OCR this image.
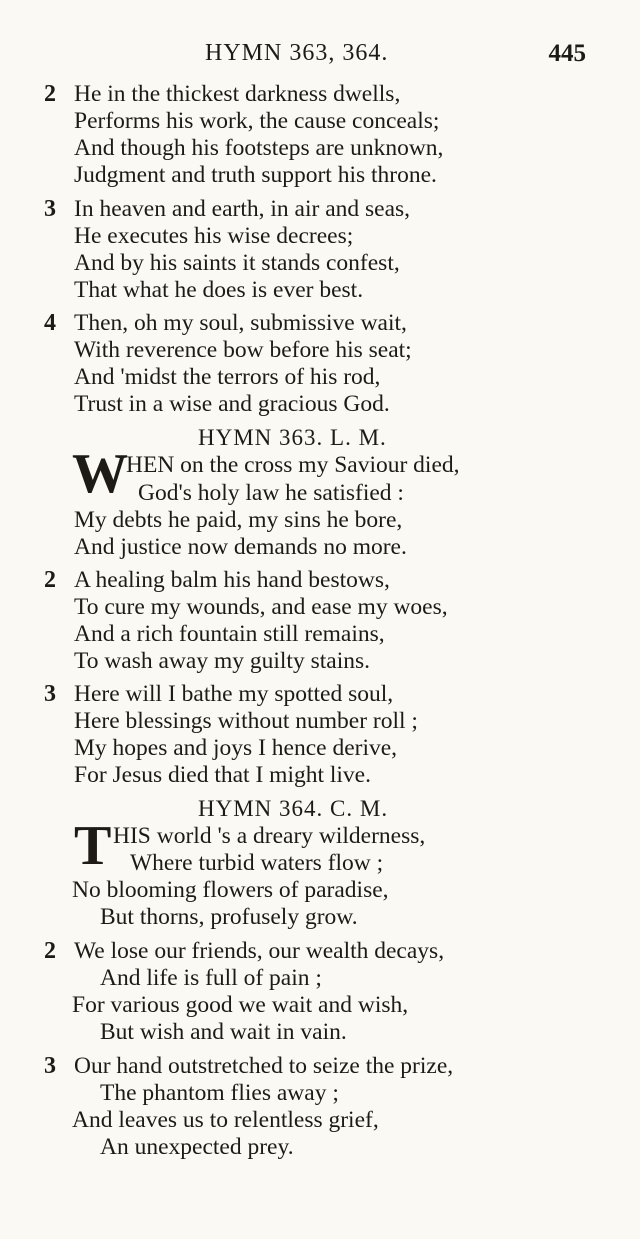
HYMN 363, 364.	445
2 He in the thickest darkness dwells,
Performs his work, the cause conceals;
And though his footsteps are unknown,
Judgment and truth support his throne.
3 In heaven and earth, in air and seas,
He executes his wise decrees;
And by his saints it stands confest,
That what he does is ever best.
4 Then, oh my soul, submissive wait,
With reverence bow before his seat;
And 'midst the terrors of his rod,
Trust in a wise and gracious God.
HYMN 363. L. M.
W
HEN on the cross my Saviour died,
God's holy law he satisfied :
My debts he paid, my sins he bore,
And justice now demands no more.
2 A healing balm his hand bestows,
To cure my wounds, and ease my woes,
And a rich fountain still remains,
To wash away my guilty stains.
3 Here will I bathe my spotted soul,
Here blessings without number roll ;
My hopes and joys I hence derive,
For Jesus died that I might live.
HYMN 364. C. M.
T HIS world 's a dreary wilderness,
Where turbid waters flow ;
No blooming flowers of paradise,
But thorns, profusely grow.
2 We lose our friends, our wealth decays,
And life is full of pain ;
For various good we wait and wish,
But wish and wait in vain.
3 Our hand outstretched to seize the prize,
The phantom flies away ;
And leaves us to relentless grief,
An unexpected prey.
